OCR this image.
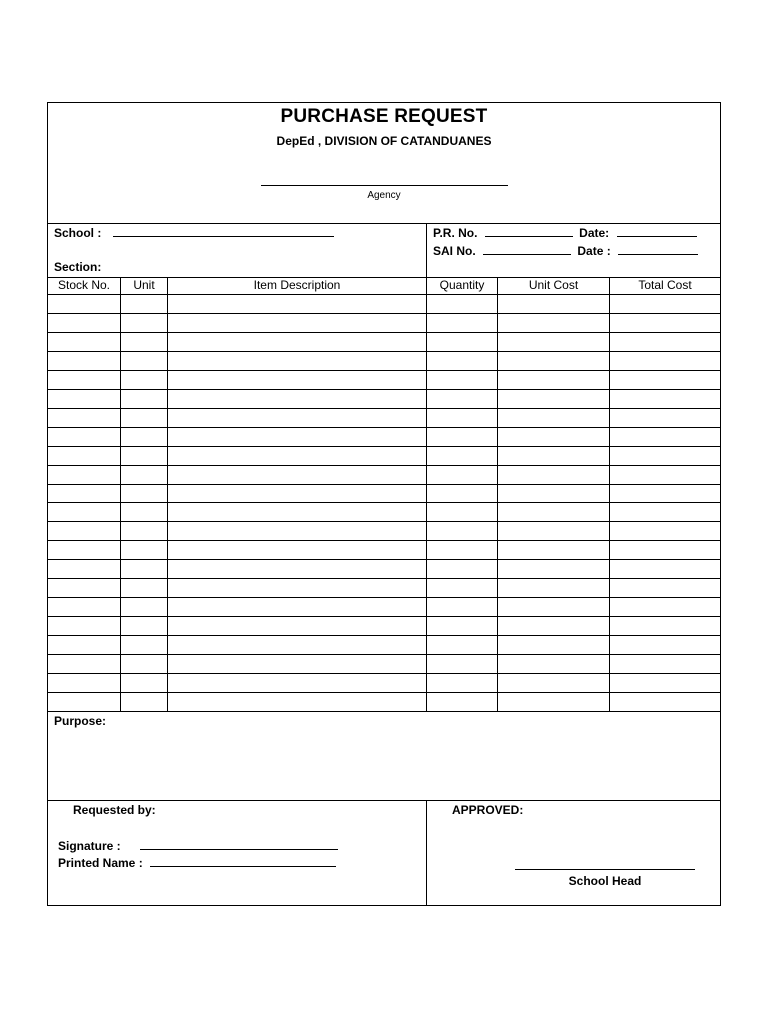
PURCHASE REQUEST
DepEd , DIVISION OF CATANDUANES
Agency
School :
Section:
P.R. No.	Date:
SAI No.	Date :
Stock No.	Unit	Item Description	Quantity	Unit Cost	Total Cost
Purpose:
Requested by:
Signature :
Printed Name :
APPROVED:
School Head
